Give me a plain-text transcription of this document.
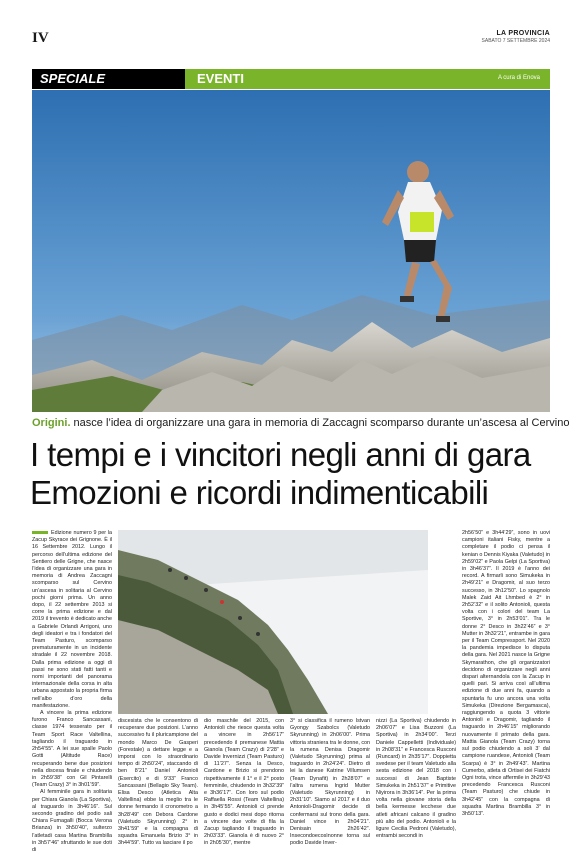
IV	LA PROVINCIA
SABATO 7 SETTEMBRE 2024
SPECIALE	EVENTI	A cura di Enova
Origini. nasce l’idea di organizzare una gara in memoria di Zaccagni scomparso durante un’ascesa al Cervino
I tempi e i vincitori negli anni di gara
Emozioni e ricordi indimenticabili

Edizione numero 9 per la Zacup Skyrace dei Grignone. È il 16 Settembre 2012. Lungo il percorso dell’ultima edizione del Sentiero delle Grigne, che nasce l’idea di organizzare una gara in memoria di Andrea Zaccagni scomparso sul Cervino un’ascesa in solitaria al Cervino pochi giorni prima. Un anno dopo, il 22 settembre 2013 si corre la prima edizione e dal 2019 il trevento è dedicato anche a Gabriele Orlandi Arrigoni, uno degli ideatori e tra i fondatori del Team Pasturo, scomparso prematuramente in un incidente stradale il 22 novembre 2018. Dalla prima edizione a oggi di passi ne sono stati fatti tanti e nomi importanti del panorama internazionale della corsa in alta urbana appostato la propria firma nell’albo d’oro della manifestazione.

A vincere la prima edizione furono Franco Sancassani, classe 1974 tesserato per il Team Sport Race Valtellina, tagliando il traguardo in 2h54’55”. A lei sue spalle Paolo Gotti (Altitude Race) recuperando bene due posizioni nella discesa finale e chiudendo in 2h59’38” con Gil Pintarelli (Team Crazy) 3° in 3h01’59”.

Al femminile gara in solitaria per Chiara Gianola (La Sportiva), al traguardo in 3h46’16”. Sul secondo gradino del podio sali Chiara Fumagalli (Bocca Verona Brianza) in 3h50’40”, sulterzo l’atletadi casa Martina Brambilla in 3h57’46” sfruttando le sue doti di

discesista che le consentono di recuperare due posizioni. L’anno successivo fu il pluricampione del mondo Marco De Gasperi (Forestale) a dettare legge e a imporsi con lo straordinario tempo di 2h50’24”, staccando di ben 8’21” Daniel Antonioli (Esercito) e di 9’33” Franco Sancassani (Bellagio Sky Team). Elisa Desco (Atletica Alta Valtellina) ebbe la meglio tra le donne fermando il cronometro a 3h28’49” con Debora Cardone (Valetudo Skyrunning) 2° in 3h41’59” e la compagna di squadra Emanuela Brizio 3° in 3h44’59”. Tutto va lasciare il po

dio maschile del 2015, con Antonioli che riesce questa volta a vincere in 2h56’17” precedendo il premanese Mattia Gianola (Team Crazy) di 2’28” e Davide Invernizzi (Team Pasturo) di 11’27”. Senza la Desco, Cardone e Brizio si prendono rispettivamente il 1° e il 2° posto femminile, chiudendo in 3h32’39” e 3h36’17”. Con loro sul podio Raffaella Rossi (Team Valtellina) in 3h45’55”. Antonioli ci prende gusto e dodici mesi dopo ritorna a vincere due volte di fila la Zacup tagliando il traguardo in 2h03’33”. Gianola è di nuovo 2° in 2h05’30”, mentre

3° si classifica il rumeno Istvan Gyongy Szabolcs (Valetudo Skyrunning) in 2h06’00”. Prima vittoria straniera tra le donne, con la rumena Denisa Dragomir (Valetudo Skyrunning) prima al traguardo in 2h24’24”. Dietro di lei la danese Katrine Villumsen (Team Dynafit) in 2h28’07” e l’altra rumena Ingrid Mutter (Valetudo Skyrunning) in 2h31’10”. Siamo al 2017 e il duo Antonioli-Dragomir decide di confermarsi sul trono della gara. Daniel vince in 2h04’21”. Denisain 2h26’42”. Insecondoecosìnonne torna sul podio Davide Inver-

nizzi (La Sportiva) chiudendo in 2h06’07” e Lisa Buzzoni (La Sportiva) in 2h34’00”. Terzi Daniele Cappelletti (Individuale) in 2h08’31” e Francesca Rusconi (Runcard) in 2h35’17”. Doppietta svedese per il team Valetudo alla sesta edizione del 2018 con i successi di Jean Baptiste Simukeka in 2h51’37” e Primitive Niyirora in 3h36’14”. Per la prima volta nella giovane storia della bella kermesse lecchese due atleti africani calcano il gradino più alto del podio. Antonioli e la ligure Cecilia Pedroni (Valetudo), entrambi secondi in

2h56’50” e 3h44’29”, sono in uovi campioni italiani Fisky, mentre a completare il podio ci pensa il kenian o Dennis Kiyaka (Valetudo) in 2h59’02” e Paola Gelpi (La Sportiva) in 3h46’37”. Il 2019 è l’anno dei record. A firmarli sono Simukeka in 2h49’21” e Dragomir, al suo terzo successo, in 3h12’50”. Lo spagnolo Malek Zaid Ait Lhmbed è 2° in 2h52’32” e il solito Antonioli, questa volta con i colori del team La Sportive, 3° in 2h53’01”. Tra le donne 2° Desco in 3h22’46” e 3° Mutter in 3h32’21”, entrambe in gara per il Team Compressport. Nel 2020 la pandemia impedisce lo disputa della gara. Nel 2021 nasce la Grigne Skymarathon, che gli organizzatori decidono di organizzare negli anni dispari alternandola con la Zacup in quelli pari. Si arriva così all’ultima edizione di due anni fa, quando a spuntarla fu uno ancora una volta Simukeka (Direzione Bergamasca), raggiungendo a quota 3 vittorie Antonioli e Dragomir, tagliando il traguardo in 2h46’15” migliorando nuovamente il primato della gara. Mattia Gianola (Team Crazy) torna sul podio chiudendo a soli 3’ dal campione ruandese, Antonioli (Team Scarpa) è 3° in 2h49’43”. Martina Cumerbo, atleta di Ortisei dei Fiatchi Ogni trota, vince affermile in 3h29’43 precedendo Francesca Rusconi (Team Pasturo) che chiude in 3h42’45” con la compagna di squadra Martina Brambilla 3° in 3h50’13”.
